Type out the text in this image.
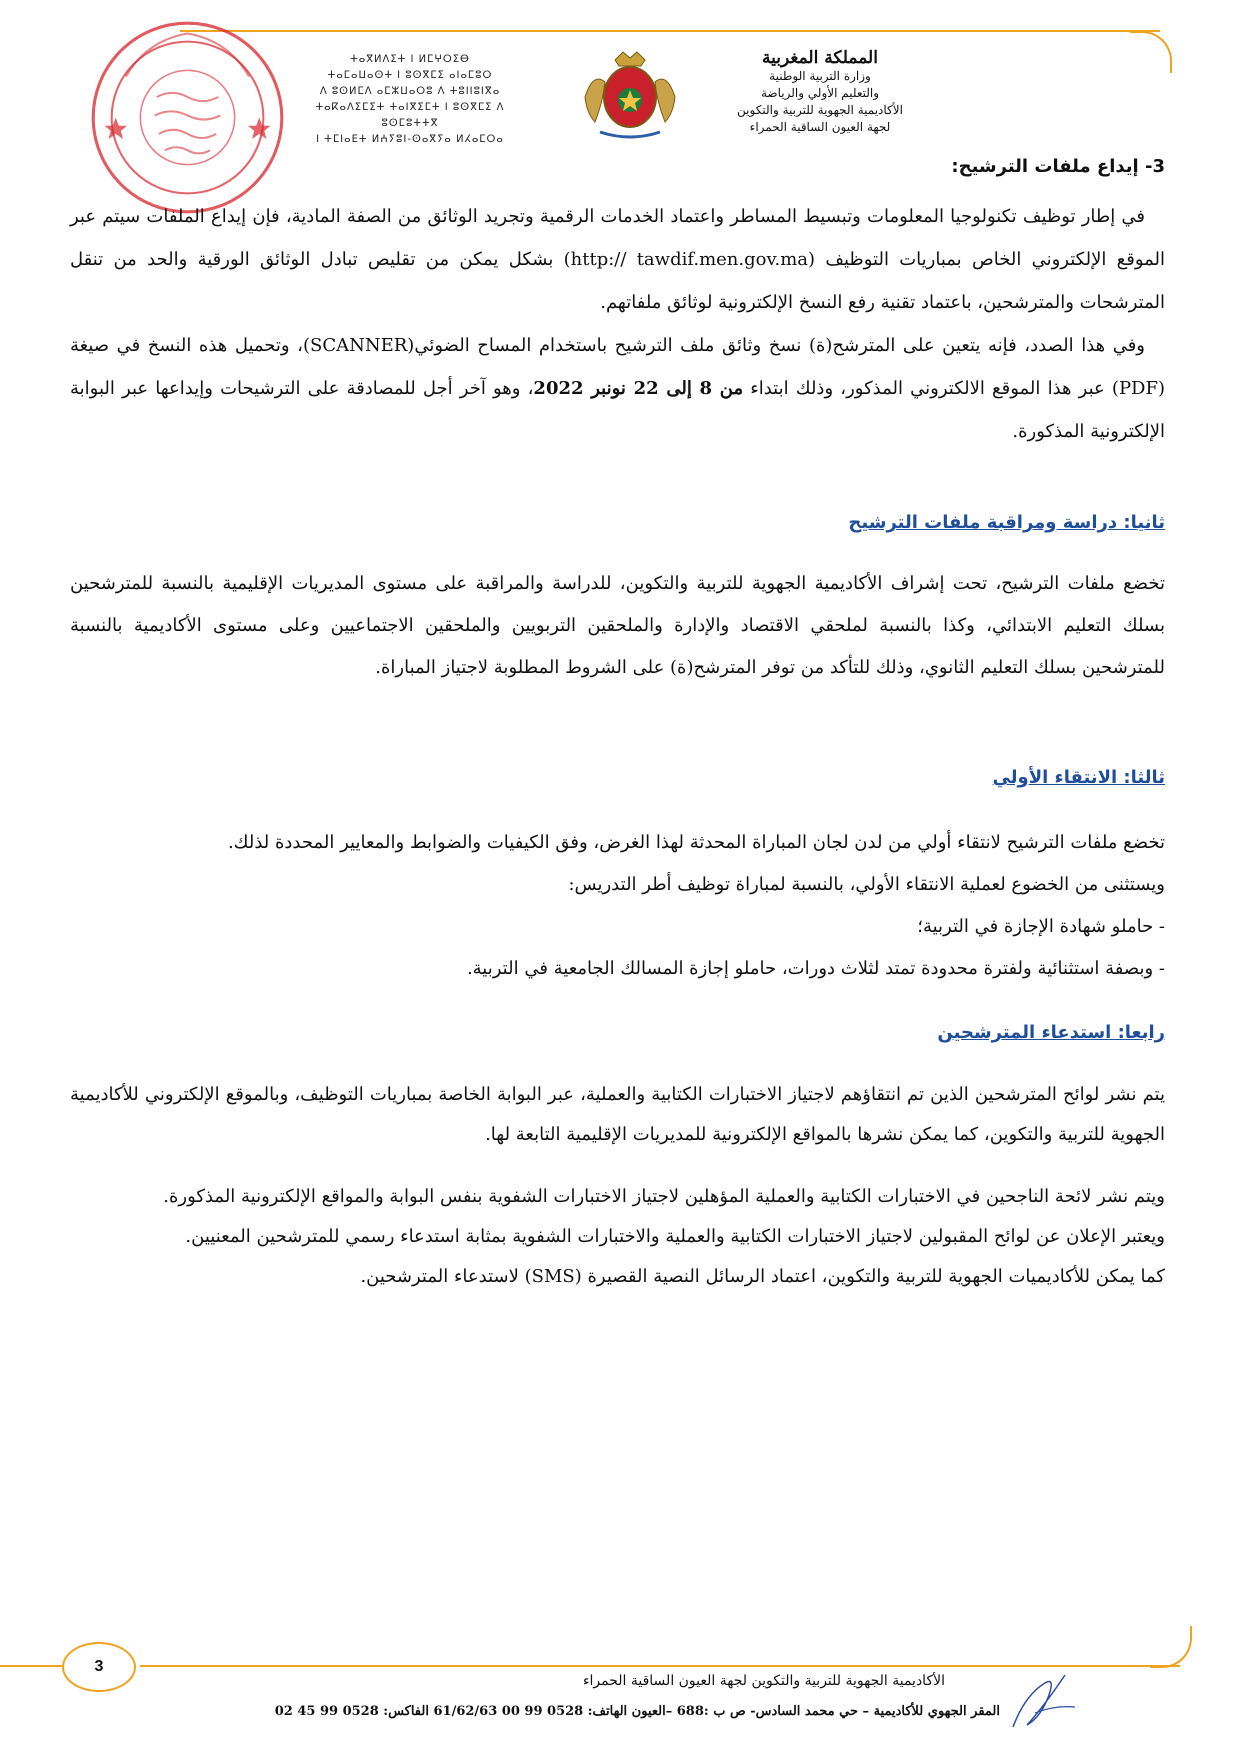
المملكة المغربية
وزارة التربية الوطنية
والتعليم الأولي والرياضة
الأكاديمية الجهوية للتربية والتكوين
لجهة العيون الساقية الحمراء
ⵜⴰⴳⵍⴷⵉⵜ ⵏ ⵍⵎⵖⵔⵉⴱ
ⵜⴰⵎⴰⵡⴰⵙⵜ ⵏ ⵓⵙⴳⵎⵉ ⴰⵏⴰⵎⵓⵔ
ⴷ ⵓⵙⵍⵎⴷ ⴰⵎⵣⵡⴰⵔⵓ ⴷ ⵜⵓⵏⵏⵓⵏⴳⴰ
ⵜⴰⴽⴰⴷⵉⵎⵉⵜ ⵜⴰⵏⴳⵉⵎⵜ ⵏ ⵓⵙⴳⵎⵉ ⴷ ⵓⵙⵎⵓⵜⵜⴳ
ⵏ ⵜⵎⵏⴰⴹⵜ ⵍⵄⵢⵓⵏ-ⵙⴰⴳⵢⴰ ⵍⵃⴰⵎⵔⴰ
3- إيداع ملفات الترشيح:

في إطار توظيف تكنولوجيا المعلومات وتبسيط المساطر واعتماد الخدمات الرقمية وتجريد الوثائق من الصفة المادية، فإن إيداع الملفات سيتم عبر الموقع الإلكتروني الخاص بمباريات التوظيف (http:// tawdif.men.gov.ma) بشكل يمكن من تقليص تبادل الوثائق الورقية والحد من تنقل المترشحات والمترشحين، باعتماد تقنية رفع النسخ الإلكترونية لوثائق ملفاتهم.

وفي هذا الصدد، فإنه يتعين على المترشح(ة) نسخ وثائق ملف الترشيح باستخدام المساح الضوئي(SCANNER)، وتحميل هذه النسخ في صيغة (PDF) عبر هذا الموقع الالكتروني المذكور، وذلك ابتداء من 8 إلى 22 نونبر 2022، وهو آخر أجل للمصادقة على الترشيحات وإيداعها عبر البوابة الإلكترونية المذكورة.

ثانيا: دراسة ومراقبة ملفات الترشيح

تخضع ملفات الترشيح، تحت إشراف الأكاديمية الجهوية للتربية والتكوين، للدراسة والمراقبة على مستوى المديريات الإقليمية بالنسبة للمترشحين بسلك التعليم الابتدائي، وكذا بالنسبة لملحقي الاقتصاد والإدارة والملحقين التربويين والملحقين الاجتماعيين وعلى مستوى الأكاديمية بالنسبة للمترشحين بسلك التعليم الثانوي، وذلك للتأكد من توفر المترشح(ة) على الشروط المطلوبة لاجتياز المباراة.

ثالثا: الانتقاء الأولي

تخضع ملفات الترشيح لانتقاء أولي من لدن لجان المباراة المحدثة لهذا الغرض، وفق الكيفيات والضوابط والمعايير المحددة لذلك.

ويستثنى من الخضوع لعملية الانتقاء الأولي، بالنسبة لمباراة توظيف أطر التدريس:

- حاملو شهادة الإجازة في التربية؛

- وبصفة استثنائية ولفترة محدودة تمتد لثلاث دورات، حاملو إجازة المسالك الجامعية في التربية.

رابعا: استدعاء المترشحين

يتم نشر لوائح المترشحين الذين تم انتقاؤهم لاجتياز الاختبارات الكتابية والعملية، عبر البوابة الخاصة بمباريات التوظيف، وبالموقع الإلكتروني للأكاديمية الجهوية للتربية والتكوين، كما يمكن نشرها بالمواقع الإلكترونية للمديريات الإقليمية التابعة لها.

ويتم نشر لائحة الناجحين في الاختبارات الكتابية والعملية المؤهلين لاجتياز الاختبارات الشفوية بنفس البوابة والمواقع الإلكترونية المذكورة.

ويعتبر الإعلان عن لوائح المقبولين لاجتياز الاختبارات الكتابية والعملية والاختبارات الشفوية بمثابة استدعاء رسمي للمترشحين المعنيين.

كما يمكن للأكاديميات الجهوية للتربية والتكوين، اعتماد الرسائل النصية القصيرة (SMS) لاستدعاء المترشحين.

3
الأكاديمية الجهوية للتربية والتكوين لجهة العيون الساقية الحمراء
المقر الجهوي للأكاديمية – حي محمد السادس- ص ب :688 –العيون الهاتف: 0528 99 00 61/62/63 الفاكس: 0528 99 45 02
